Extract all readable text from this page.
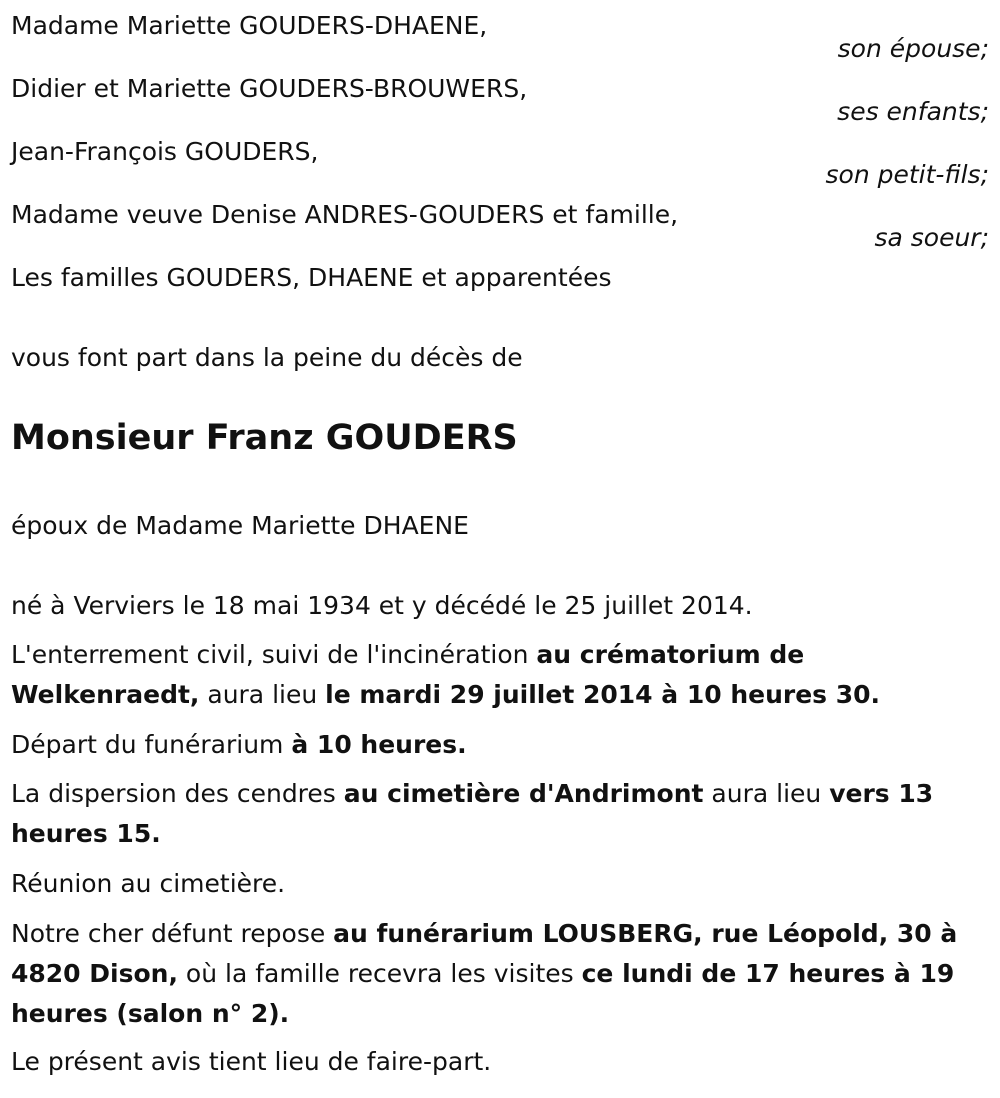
Madame Mariette GOUDERS-DHAENE,
son épouse;
Didier et Mariette GOUDERS-BROUWERS,
ses enfants;
Jean-François GOUDERS,
son petit-fils;
Madame veuve Denise ANDRES-GOUDERS et famille,
sa soeur;
Les familles GOUDERS, DHAENE et apparentées
vous font part dans la peine du décès de
Monsieur Franz GOUDERS
époux de Madame Mariette DHAENE
né à Verviers le 18 mai 1934 et y décédé le 25 juillet 2014.
L'enterrement civil, suivi de l'incinération au crématorium de Welkenraedt, aura lieu le mardi 29 juillet 2014 à 10 heures 30.
Départ du funérarium à 10 heures.
La dispersion des cendres au cimetière d'Andrimont aura lieu vers 13 heures 15.
Réunion au cimetière.
Notre cher défunt repose au funérarium LOUSBERG, rue Léopold, 30 à 4820 Dison, où la famille recevra les visites ce lundi de 17 heures à 19 heures (salon n° 2).
Le présent avis tient lieu de faire-part.
